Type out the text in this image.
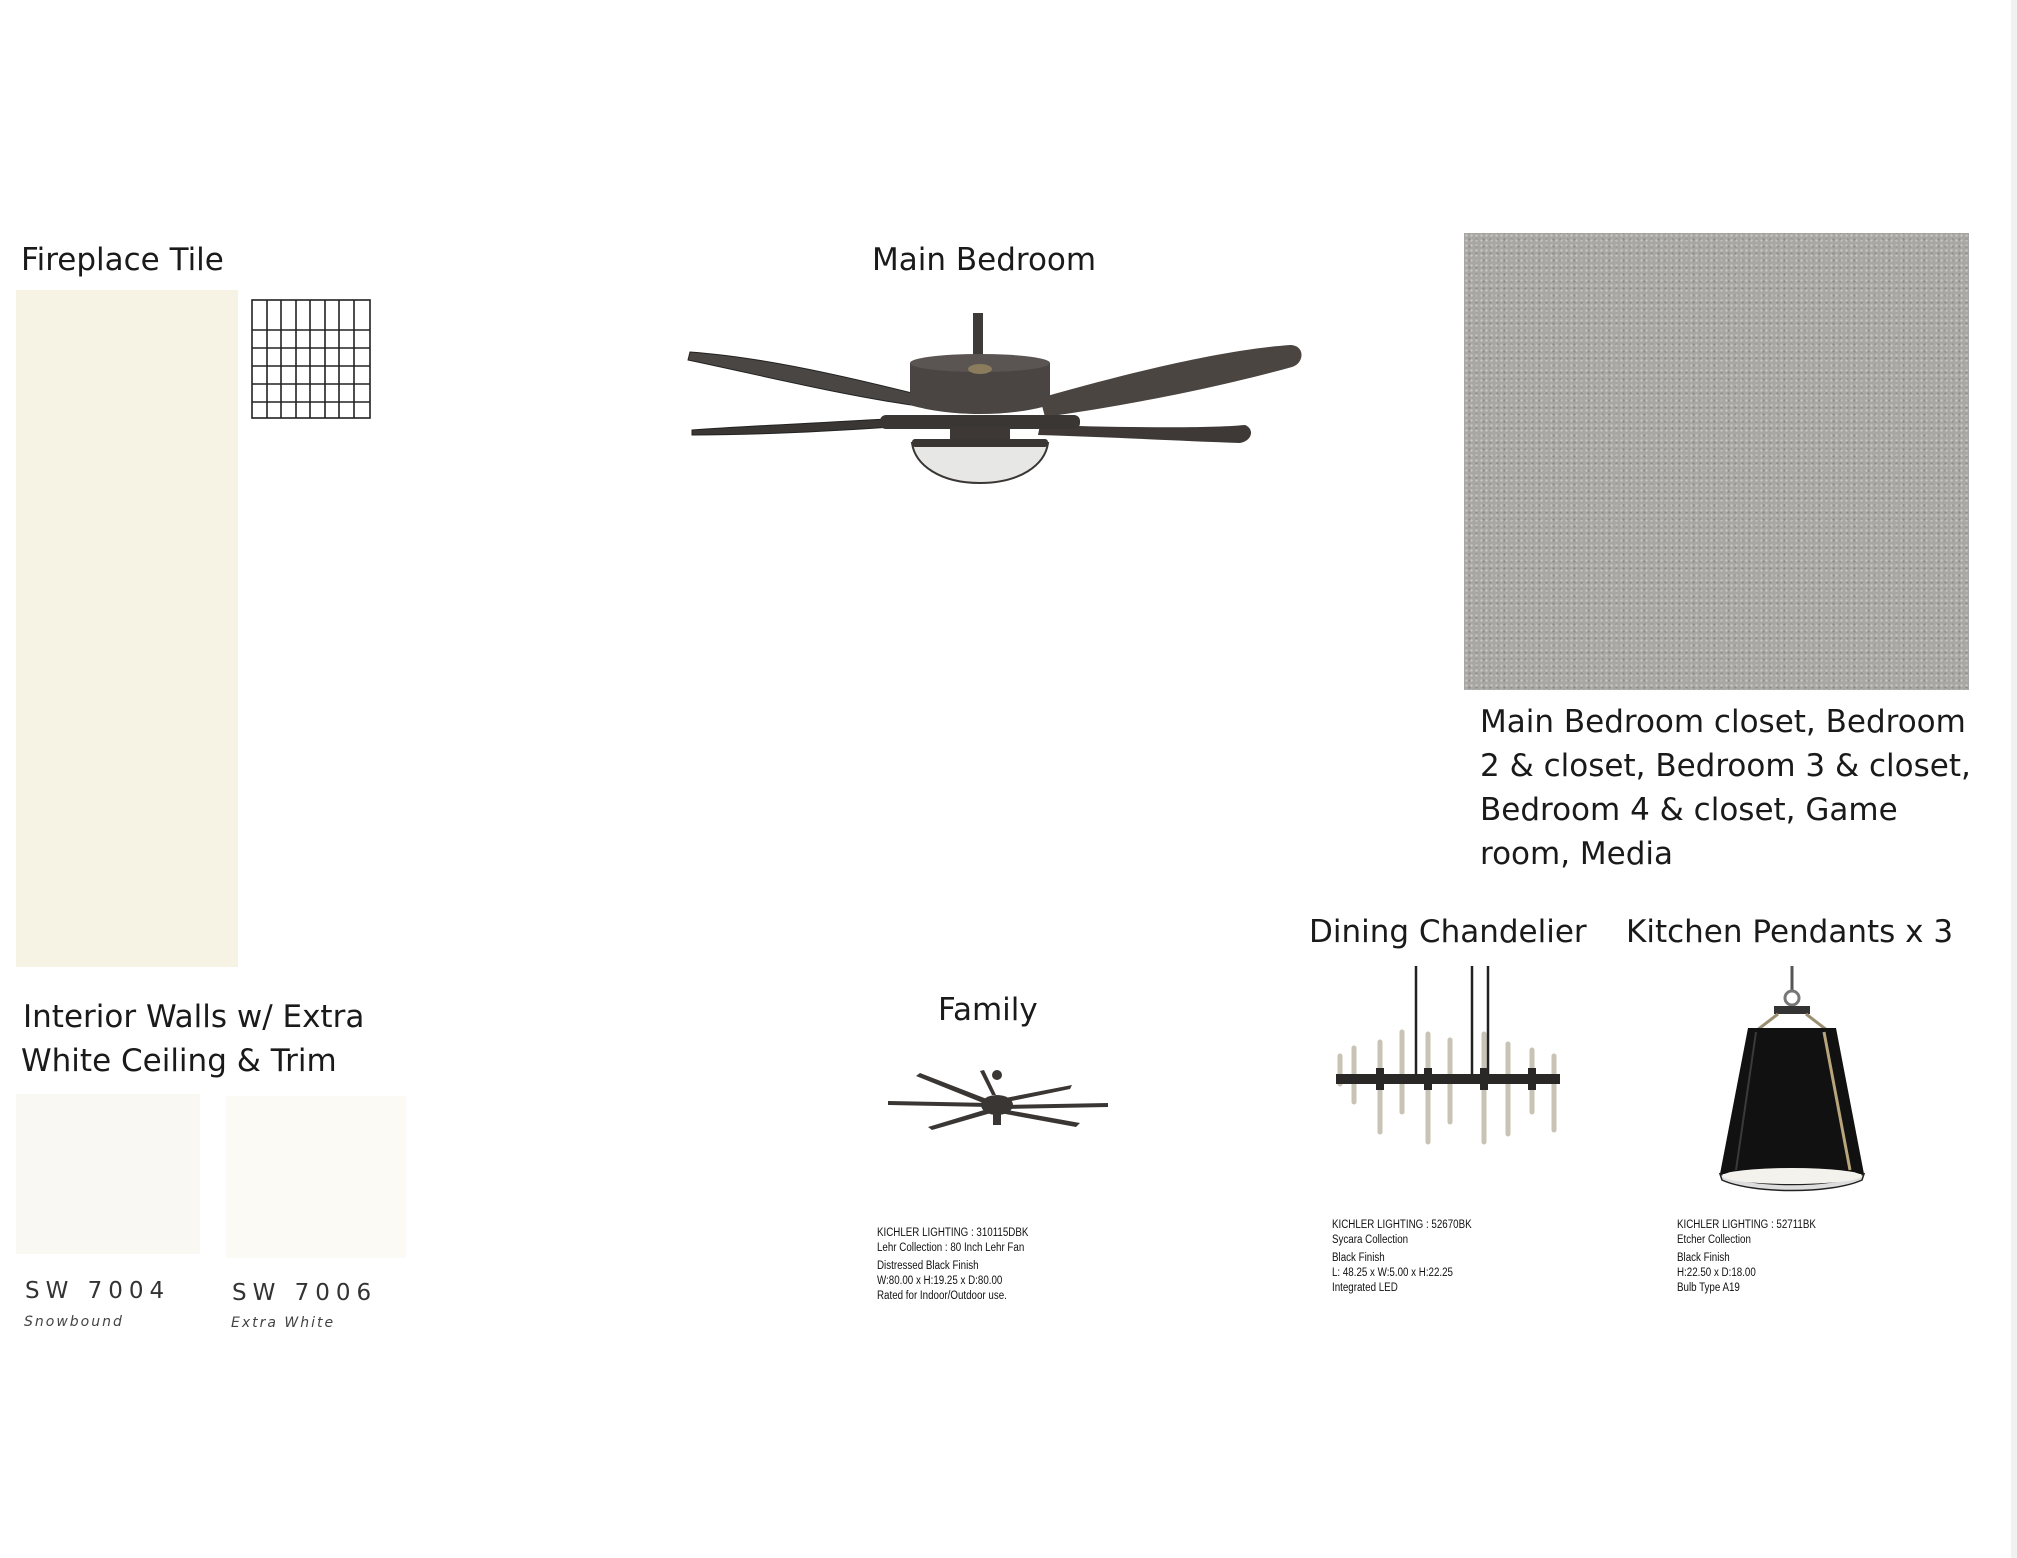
Fireplace Tile	Main Bedroom
Main Bedroom closet, Bedroom 2 & closet, Bedroom 3 & closet, Bedroom 4 & closet, Game room, Media
Interior Walls w/ Extra
White Ceiling & Trim
SW 7004
Snowbound
SW 7006
Extra White
Family
KICHLER LIGHTING : 310115DBK
Lehr Collection : 80 Inch Lehr Fan
Distressed Black Finish
W:80.00 x H:19.25 x D:80.00
Rated for Indoor/Outdoor use.
Dining Chandelier
KICHLER LIGHTING : 52670BK
Sycara Collection
Black Finish
L: 48.25 x W:5.00 x H:22.25
Integrated LED
Kitchen Pendants x 3
KICHLER LIGHTING : 52711BK
Etcher Collection
Black Finish
H:22.50 x D:18.00
Bulb Type A19
